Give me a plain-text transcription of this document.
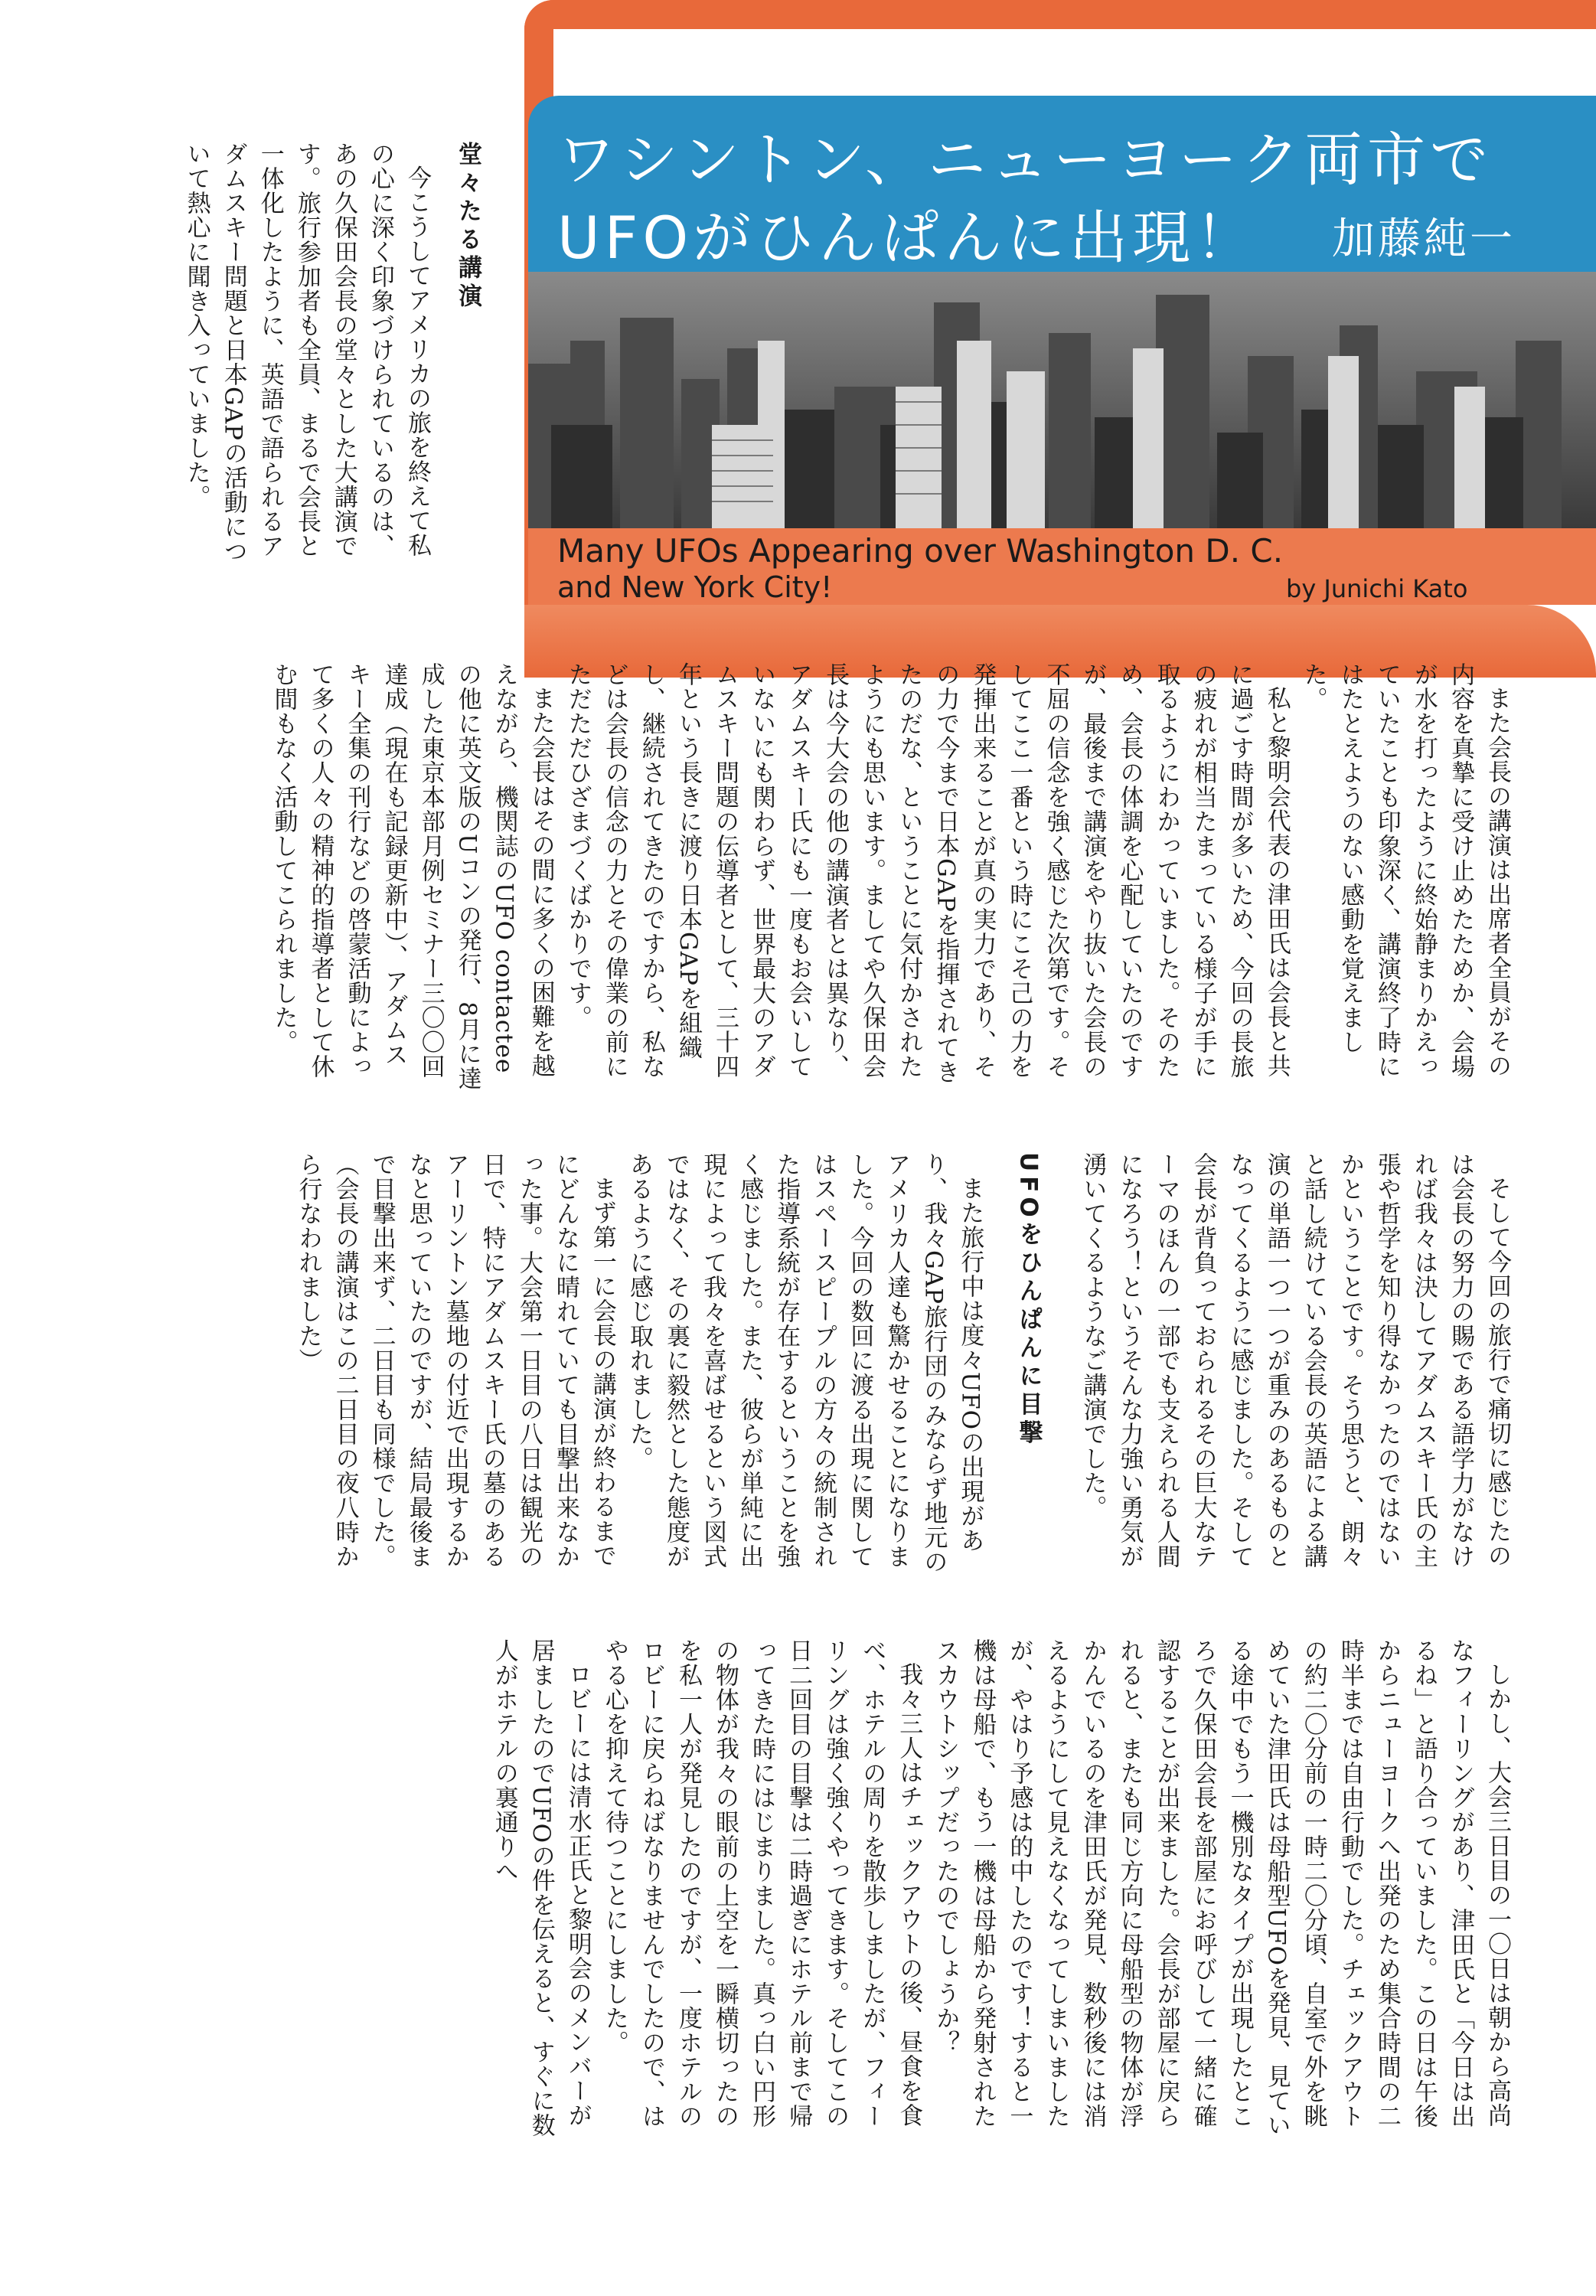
ワシントン、ニューヨーク両市で
UFOがひんぱんに出現！ 加藤純一
Many UFOs Appearing over Washington D. C.
and New York City!	by Junichi Kato

堂々たる講演

今こうしてアメリカの旅を終えて私の心に深く印象づけられているのは、あの久保田会長の堂々とした大講演です。旅行参加者も全員、まるで会長と一体化したように、英語で語られるアダムスキー問題と日本GAPの活動について熱心に聞き入っていました。

また会長の講演は出席者全員がその内容を真摯に受け止めたためか、会場が水を打ったように終始静まりかえっていたことも印象深く、講演終了時にはたとえようのない感動を覚えました。

私と黎明会代表の津田氏は会長と共に過ごす時間が多いため、今回の長旅の疲れが相当たまっている様子が手に取るようにわかっていました。そのため、会長の体調を心配していたのですが、最後まで講演をやり抜いた会長の不屈の信念を強く感じた次第です。そしてここ一番という時にこそ己の力を発揮出来ることが真の実力であり、その力で今まで日本GAPを指揮されてきたのだな、ということに気付かされたようにも思います。ましてや久保田会長は今大会の他の講演者とは異なり、アダムスキー氏にも一度もお会いしていないにも関わらず、世界最大のアダムスキー問題の伝導者として、三十四年という長きに渡り日本GAPを組織し、継続されてきたのですから、私などは会長の信念の力とその偉業の前にただただひざまづくばかりです。

また会長はその間に多くの困難を越えながら、機関誌のUFO contactee の他に英文版のUコンの発行、8月に達成した東京本部月例セミナー三〇〇回達成（現在も記録更新中）、アダムスキー全集の刊行などの啓蒙活動によって多くの人々の精神的指導者として休む間もなく活動してこられました。

そして今回の旅行で痛切に感じたのは会長の努力の賜である語学力がなければ我々は決してアダムスキー氏の主張や哲学を知り得なかったのではないかということです。そう思うと、朗々と話し続けている会長の英語による講演の単語一つ一つが重みのあるものとなってくるように感じました。そして会長が背負っておられるその巨大なテーマのほんの一部でも支えられる人間になろう！というそんな力強い勇気が湧いてくるようなご講演でした。

UFOをひんぱんに目撃

また旅行中は度々UFOの出現があり、我々GAP旅行団のみならず地元のアメリカ人達も驚かせることになりました。今回の数回に渡る出現に関してはスペースピープルの方々の統制された指導系統が存在するということを強く感じました。また、彼らが単純に出現によって我々を喜ばせるという図式ではなく、その裏に毅然とした態度があるように感じ取れました。

まず第一に会長の講演が終わるまでにどんなに晴れていても目撃出来なかった事。大会第一日目の八日は観光の日で、特にアダムスキー氏の墓のあるアーリントン墓地の付近で出現するかなと思っていたのですが、結局最後まで目撃出来ず、二日目も同様でした。（会長の講演はこの二日目の夜八時から行なわれました）

しかし、大会三日目の一〇日は朝から高尚なフィーリングがあり、津田氏と「今日は出るね」と語り合っていました。この日は午後からニューヨークへ出発のため集合時間の二時半までは自由行動でした。チェックアウトの約二〇分前の一時二〇分頃、自室で外を眺めていた津田氏は母船型UFOを発見、見ている途中でもう一機別なタイプが出現したところで久保田会長を部屋にお呼びして一緒に確認することが出来ました。会長が部屋に戻られると、またも同じ方向に母船型の物体が浮かんでいるのを津田氏が発見、数秒後には消えるようにして見えなくなってしまいましたが、やはり予感は的中したのです！すると一機は母船で、もう一機は母船から発射されたスカウトシップだったのでしょうか？

我々三人はチェックアウトの後、昼食を食べ、ホテルの周りを散歩しましたが、フィーリングは強く強くやってきます。そしてこの日二回目の目撃は二時過ぎにホテル前まで帰ってきた時にはじまりました。真っ白い円形の物体が我々の眼前の上空を一瞬横切ったのを私一人が発見したのですが、一度ホテルのロビーに戻らねばなりませんでしたので、はやる心を抑えて待つことにしました。

ロビーには清水正氏と黎明会のメンバーが居ましたのでUFOの件を伝えると、すぐに数人がホテルの裏通りへ
